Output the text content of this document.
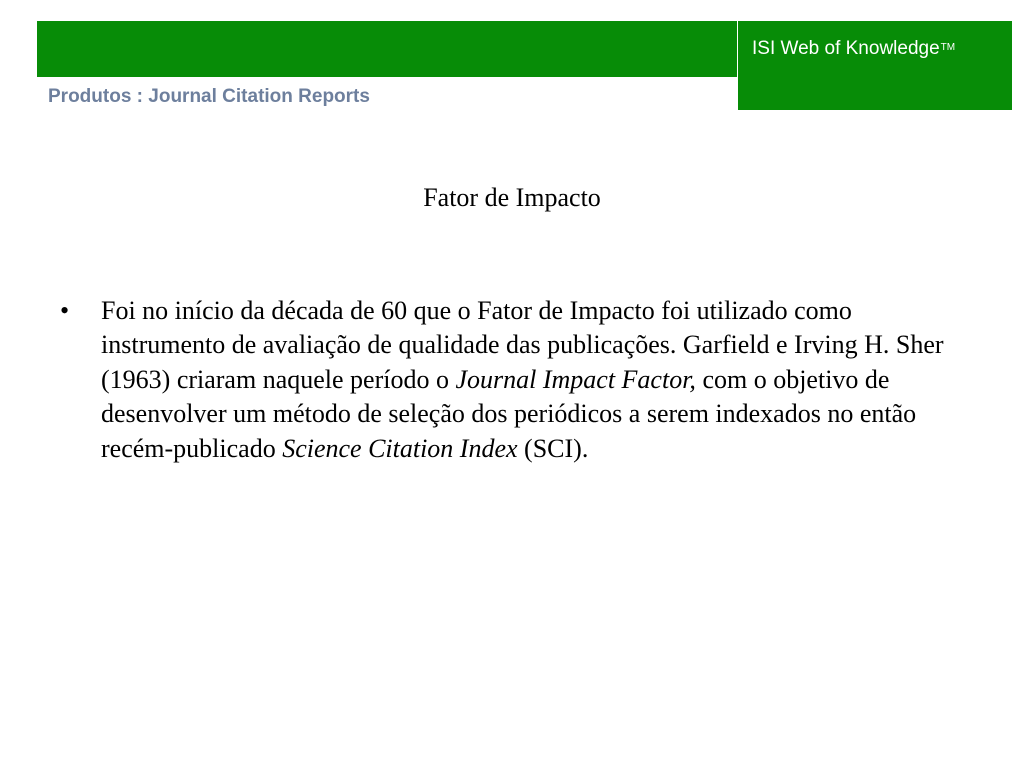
ISI Web of Knowledge™
Produtos : Journal Citation Reports
Fator de Impacto
• Foi no início da década de 60 que o Fator de Impacto foi utilizado como instrumento de avaliação de qualidade das publicações. Garfield e Irving H. Sher (1963) criaram naquele período o Journal Impact Factor, com o objetivo de desenvolver um método de seleção dos periódicos a serem indexados no então recém-publicado Science Citation Index (SCI).
